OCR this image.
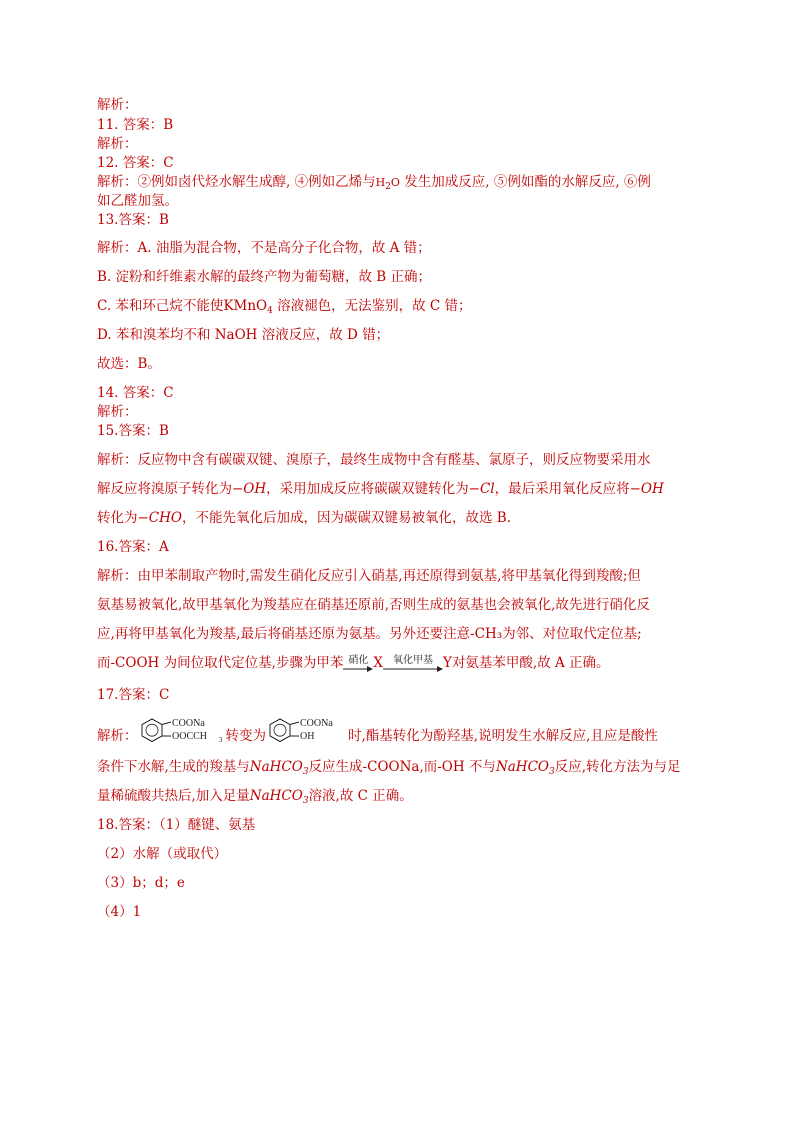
解析：
11. 答案：B
解析：
12. 答案：C
解析：②例如卤代烃水解生成醇, ④例如乙烯与$H_2O$ 发生加成反应, ⑤例如酯的水解反应, ⑥例
如乙醛加氢。
13.答案：B
解析：A. 油脂为混合物，不是高分子化合物，故 A 错；
B. 淀粉和纤维素水解的最终产物为葡萄糖，故 B 正确；
C. 苯和环己烷不能使KMnO$_4$ 溶液褪色，无法鉴别，故 C 错；
D. 苯和溴苯均不和 NaOH 溶液反应，故 D 错；
故选：B。
14. 答案：C
解析：
15.答案：B
解析：反应物中含有碳碳双键、溴原子，最终生成物中含有醛基、氯原子，则反应物要采用水
解反应将溴原子转化为−OH，采用加成反应将碳碳双键转化为−Cl，最后采用氧化反应将−OH
转化为−CHO，不能先氧化后加成，因为碳碳双键易被氧化，故选 B.
16.答案：A
解析：由甲苯制取产物时,需发生硝化反应引入硝基,再还原得到氨基,将甲基氧化得到羧酸;但
氨基易被氧化,故甲基氧化为羧基应在硝基还原前,否则生成的氨基也会被氧化,故先进行硝化反
应,再将甲基氧化为羧基,最后将硝基还原为氨基。另外还要注意-CH₃为邻、对位取代定位基;
而-COOH 为间位取代定位基,步骤为甲苯 硝化 X	氧化甲基 Y对氨基苯甲酸,故 A 正确。
17.答案：C
解析：
COONa
OOCCH 3 转变为
COONa
OH 时,酯基转化为酚羟基,说明发生水解反应,且应是酸性
条件下水解,生成的羧基与NaHCO$_3$反应生成-COONa,而-OH 不与NaHCO$_3$反应,转化方法为与足
量稀硫酸共热后,加入足量NaHCO$_3$溶液,故 C 正确。
18.答案：（1）醚键、氨基
（2）水解（或取代）
（3）b；d；e
（4）1
